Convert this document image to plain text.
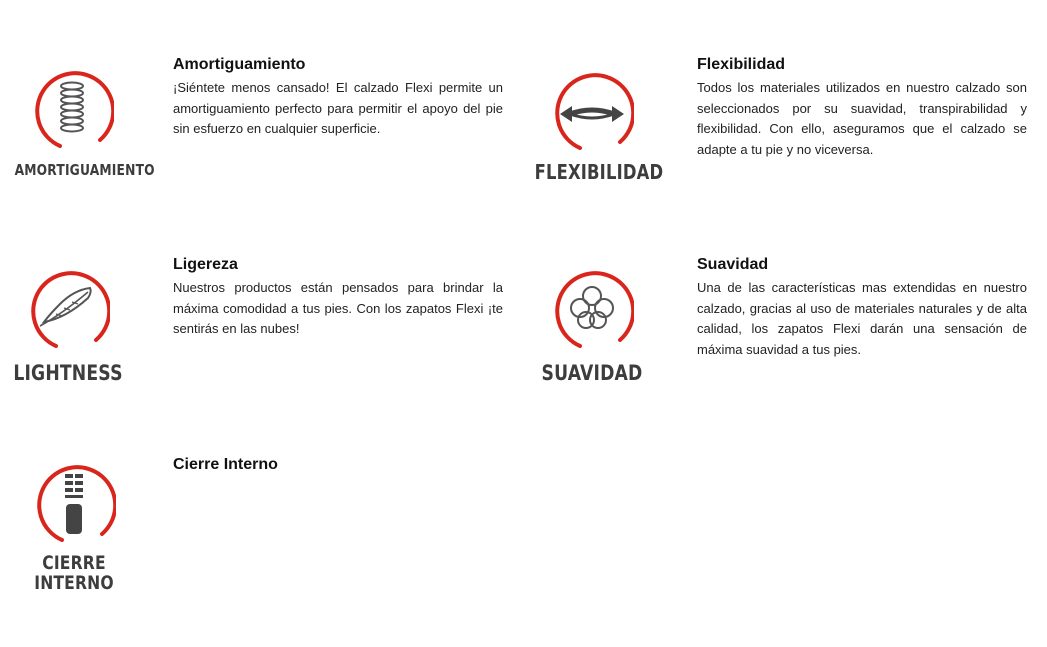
AMORTIGUAMIENTO
Amortiguamiento

¡Siéntete menos cansado! El calzado Flexi permite un amortiguamiento perfecto para permitir el apoyo del pie sin esfuerzo en cualquier superficie.

FLEXIBILIDAD
Flexibilidad

Todos los materiales utilizados en nuestro calzado son seleccionados por su suavidad, transpirabilidad y flexibilidad. Con ello, aseguramos que el calzado se adapte a tu pie y no viceversa.

LIGHTNESS
Ligereza

Nuestros productos están pensados para brindar la máxima comodidad a tus pies. Con los zapatos Flexi ¡te sentirás en las nubes!

SUAVIDAD
Suavidad

Una de las características mas extendidas en nuestro calzado, gracias al uso de materiales naturales y de alta calidad, los zapatos Flexi darán una sensación de máxima suavidad a tus pies.

CIERRE
INTERNO
Cierre Interno
